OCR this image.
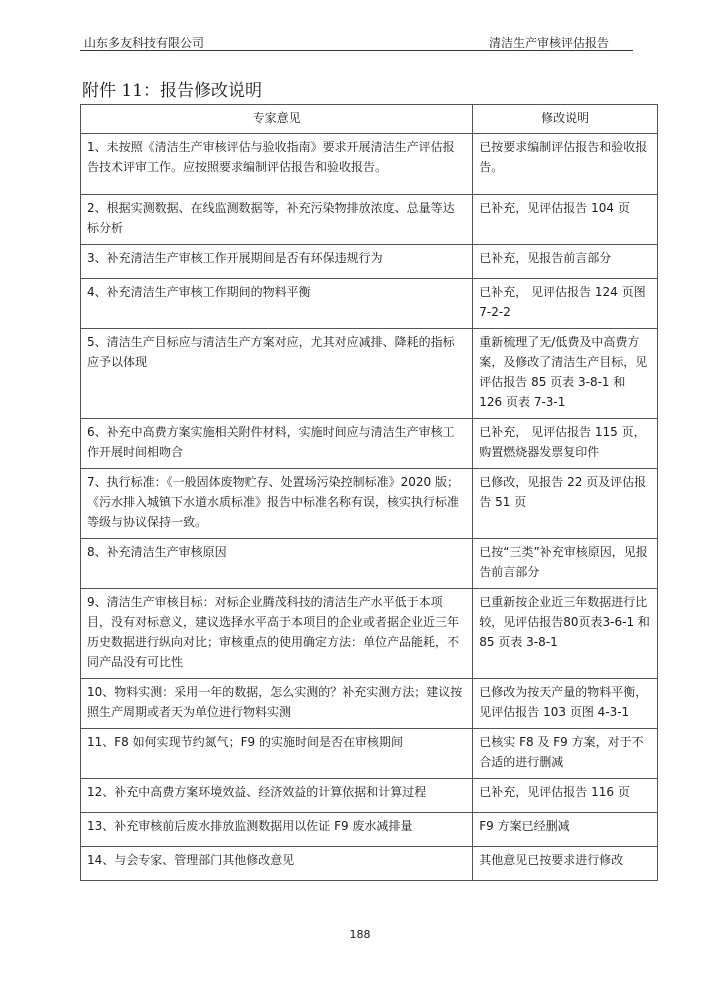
山东多友科技有限公司	清洁生产审核评估报告
附件 11：报告修改说明
专家意见	修改说明
1、未按照《清洁生产审核评估与验收指南》要求开展清洁生产评估报告技术评审工作。应按照要求编制评估报告和验收报告。	已按要求编制评估报告和验收报告。
2、根据实测数据、在线监测数据等，补充污染物排放浓度、总量等达标分析	已补充，见评估报告 104 页
3、补充清洁生产审核工作开展期间是否有环保违规行为	已补充，见报告前言部分
4、补充清洁生产审核工作期间的物料平衡	已补充， 见评估报告 124 页图 7-2-2
5、清洁生产目标应与清洁生产方案对应，尤其对应减排、降耗的指标应予以体现	重新梳理了无/低费及中高费方案，及修改了清洁生产目标，见评估报告 85 页表 3-8-1 和 126 页表 7-3-1
6、补充中高费方案实施相关附件材料，实施时间应与清洁生产审核工作开展时间相吻合	已补充， 见评估报告 115 页，购置燃烧器发票复印件
7、执行标准：《一般固体废物贮存、处置场污染控制标准》2020 版；《污水排入城镇下水道水质标准》报告中标准名称有误，核实执行标准等级与协议保持一致。	已修改，见报告 22 页及评估报告 51 页
8、补充清洁生产审核原因	已按“三类”补充审核原因，见报告前言部分
9、清洁生产审核目标：对标企业腾茂科技的清洁生产水平低于本项目，没有对标意义，建议选择水平高于本项目的企业或者据企业近三年历史数据进行纵向对比；审核重点的使用确定方法：单位产品能耗，不同产品没有可比性	已重新按企业近三年数据进行比较，见评估报告80页表3-6-1 和 85 页表 3-8-1
10、物料实测：采用一年的数据，怎么实测的？补充实测方法；建议按照生产周期或者天为单位进行物料实测	已修改为按天产量的物料平衡，见评估报告 103 页图 4-3-1
11、F8 如何实现节约氮气；F9 的实施时间是否在审核期间	已核实 F8 及 F9 方案，对于不合适的进行删减
12、补充中高费方案环境效益、经济效益的计算依据和计算过程	已补充，见评估报告 116 页
13、补充审核前后废水排放监测数据用以佐证 F9 废水减排量	F9 方案已经删减
14、与会专家、管理部门其他修改意见	其他意见已按要求进行修改
188
